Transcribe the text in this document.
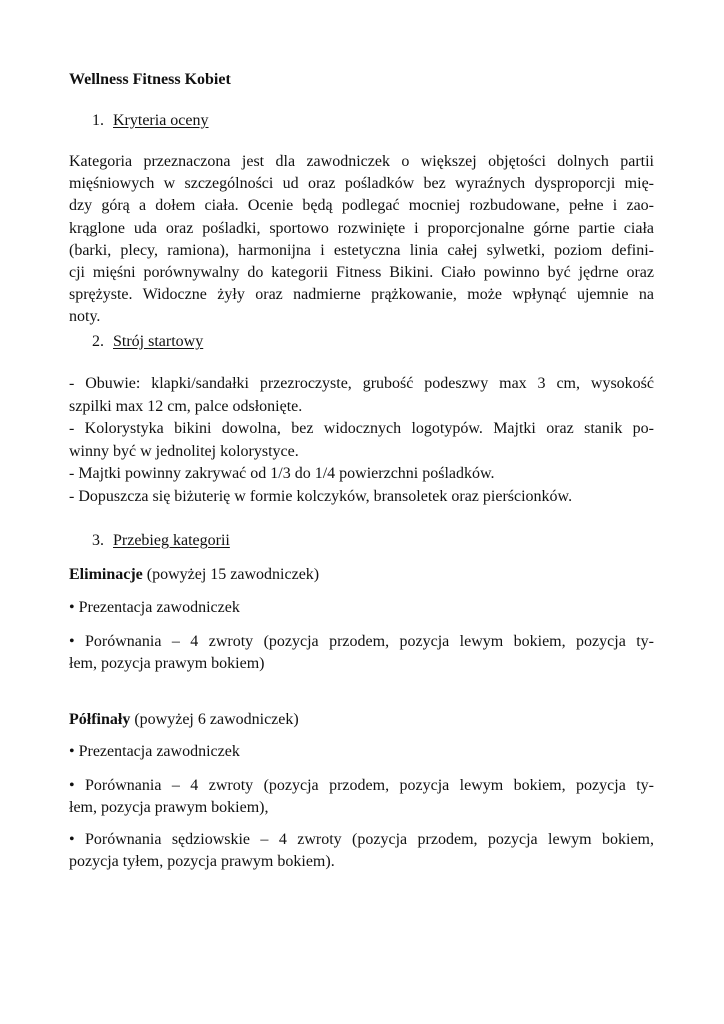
Wellness Fitness Kobiet
1. Kryteria oceny
Kategoria przeznaczona jest dla zawodniczek o większej objętości dolnych partii
mięśniowych w szczególności ud oraz pośladków bez wyraźnych dysproporcji mię-
dzy górą a dołem ciała. Ocenie będą podlegać mocniej rozbudowane, pełne i zao-
krąglone uda oraz pośladki, sportowo rozwinięte i proporcjonalne górne partie ciała
(barki, plecy, ramiona), harmonijna i estetyczna linia całej sylwetki, poziom defini-
cji mięśni porównywalny do kategorii Fitness Bikini. Ciało powinno być jędrne oraz
sprężyste. Widoczne żyły oraz nadmierne prążkowanie, może wpłynąć ujemnie na
noty.
2. Strój startowy
- Obuwie: klapki/sandałki przezroczyste, grubość podeszwy max 3 cm, wysokość
szpilki max 12 cm, palce odsłonięte.
- Kolorystyka bikini dowolna, bez widocznych logotypów. Majtki oraz stanik po-
winny być w jednolitej kolorystyce.
- Majtki powinny zakrywać od 1/3 do 1/4 powierzchni pośladków.
- Dopuszcza się biżuterię w formie kolczyków, bransoletek oraz pierścionków.
3. Przebieg kategorii
Eliminacje (powyżej 15 zawodniczek)
• Prezentacja zawodniczek
• Porównania – 4 zwroty (pozycja przodem, pozycja lewym bokiem, pozycja ty-
łem, pozycja prawym bokiem)
Półfinały (powyżej 6 zawodniczek)
• Prezentacja zawodniczek
• Porównania – 4 zwroty (pozycja przodem, pozycja lewym bokiem, pozycja ty-
łem, pozycja prawym bokiem),
• Porównania sędziowskie – 4 zwroty (pozycja przodem, pozycja lewym bokiem,
pozycja tyłem, pozycja prawym bokiem).
